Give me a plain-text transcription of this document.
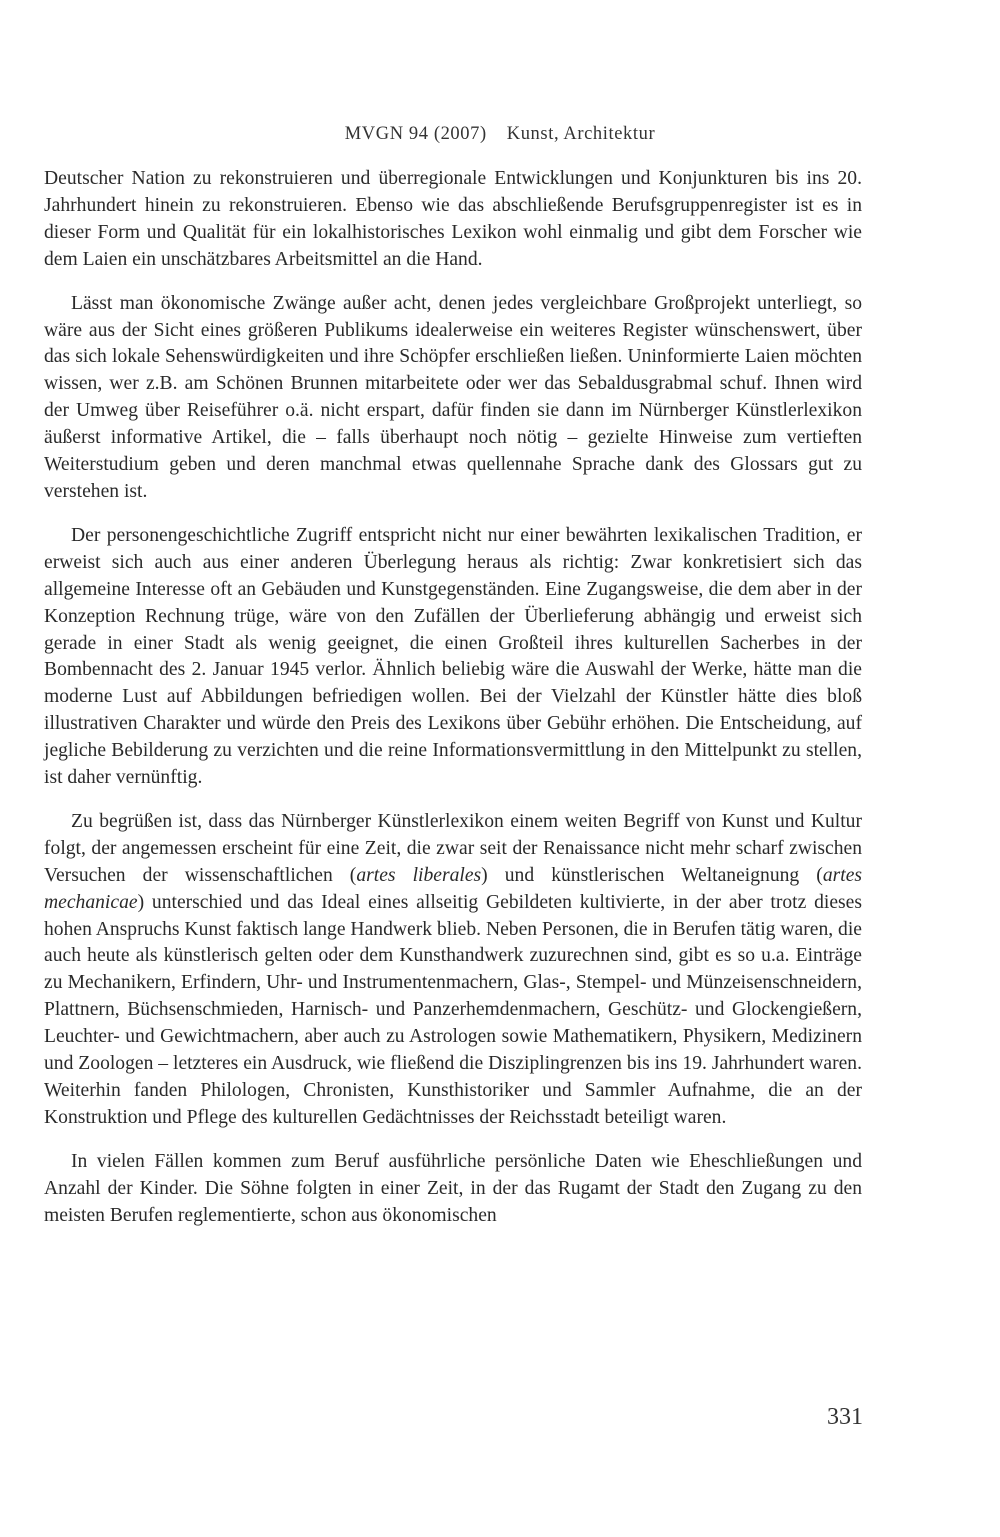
MVGN 94 (2007) Kunst, Architektur

Deutscher Nation zu rekonstruieren und überregionale Entwicklungen und Konjunkturen bis ins 20. Jahrhundert hinein zu rekonstruieren. Ebenso wie das abschließende Berufsgruppenregister ist es in dieser Form und Qualität für ein lokalhistorisches Lexikon wohl einmalig und gibt dem Forscher wie dem Laien ein unschätzbares Arbeitsmittel an die Hand.

Lässt man ökonomische Zwänge außer acht, denen jedes vergleichbare Großprojekt unterliegt, so wäre aus der Sicht eines größeren Publikums idealerweise ein weiteres Register wünschenswert, über das sich lokale Sehenswürdigkeiten und ihre Schöpfer erschließen ließen. Uninformierte Laien möchten wissen, wer z.B. am Schönen Brunnen mitarbeitete oder wer das Sebaldusgrabmal schuf. Ihnen wird der Umweg über Reiseführer o.ä. nicht erspart, dafür finden sie dann im Nürnberger Künstlerlexikon äußerst informative Artikel, die – falls überhaupt noch nötig – gezielte Hinweise zum vertieften Weiterstudium geben und deren manchmal etwas quellennahe Sprache dank des Glossars gut zu verstehen ist.

Der personengeschichtliche Zugriff entspricht nicht nur einer bewährten lexikalischen Tradition, er erweist sich auch aus einer anderen Überlegung heraus als richtig: Zwar konkretisiert sich das allgemeine Interesse oft an Gebäuden und Kunstgegenständen. Eine Zugangsweise, die dem aber in der Konzeption Rechnung trüge, wäre von den Zufällen der Überlieferung abhängig und erweist sich gerade in einer Stadt als wenig geeignet, die einen Großteil ihres kulturellen Sacherbes in der Bombennacht des 2. Januar 1945 verlor. Ähnlich beliebig wäre die Auswahl der Werke, hätte man die moderne Lust auf Abbildungen befriedigen wollen. Bei der Vielzahl der Künstler hätte dies bloß illustrativen Charakter und würde den Preis des Lexikons über Gebühr erhöhen. Die Entscheidung, auf jegliche Bebilderung zu verzichten und die reine Informationsvermittlung in den Mittelpunkt zu stellen, ist daher vernünftig.

Zu begrüßen ist, dass das Nürnberger Künstlerlexikon einem weiten Begriff von Kunst und Kultur folgt, der angemessen erscheint für eine Zeit, die zwar seit der Renaissance nicht mehr scharf zwischen Versuchen der wissenschaftlichen (artes liberales) und künstlerischen Weltaneignung (artes mechanicae) unterschied und das Ideal eines allseitig Gebildeten kultivierte, in der aber trotz dieses hohen Anspruchs Kunst faktisch lange Handwerk blieb. Neben Personen, die in Berufen tätig waren, die auch heute als künstlerisch gelten oder dem Kunsthandwerk zuzurechnen sind, gibt es so u.a. Einträge zu Mechanikern, Erfindern, Uhr- und Instrumentenmachern, Glas-, Stempel- und Münzeisenschneidern, Plattnern, Büchsenschmieden, Harnisch- und Panzerhemdenmachern, Geschütz- und Glockengießern, Leuchter- und Gewichtmachern, aber auch zu Astrologen sowie Mathematikern, Physikern, Medizinern und Zoologen – letzteres ein Ausdruck, wie fließend die Disziplingrenzen bis ins 19. Jahrhundert waren. Weiterhin fanden Philologen, Chronisten, Kunsthistoriker und Sammler Aufnahme, die an der Konstruktion und Pflege des kulturellen Gedächtnisses der Reichsstadt beteiligt waren.

In vielen Fällen kommen zum Beruf ausführliche persönliche Daten wie Eheschließungen und Anzahl der Kinder. Die Söhne folgten in einer Zeit, in der das Rugamt der Stadt den Zugang zu den meisten Berufen reglementierte, schon aus ökonomischen

331
